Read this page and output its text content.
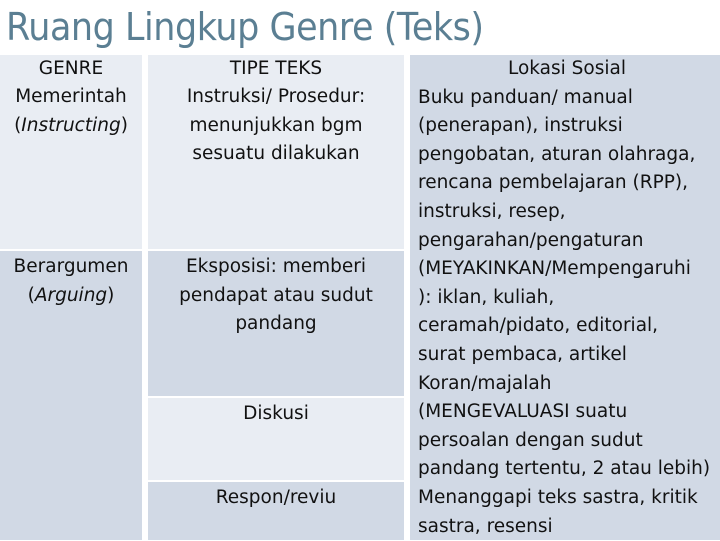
Ruang Lingkup Genre (Teks)
GENRE	TIPE TEKS
Memerintah
(Instructing)
Instruksi/ Prosedur: menunjukkan bgm sesuatu dilakukan
Berargumen
(Arguing)
Eksposisi: memberi pendapat atau sudut pandang
Diskusi
Respon/reviu
Lokasi Sosial
Buku panduan/ manual
(penerapan), instruksi
pengobatan, aturan olahraga,
rencana pembelajaran (RPP),
instruksi, resep,
pengarahan/pengaturan
(MEYAKINKAN/Mempengaruhi
): iklan, kuliah,
ceramah/pidato, editorial,
surat pembaca, artikel
Koran/majalah
(MENGEVALUASI suatu
persoalan dengan sudut
pandang tertentu, 2 atau lebih)
Menanggapi teks sastra, kritik
sastra, resensi
